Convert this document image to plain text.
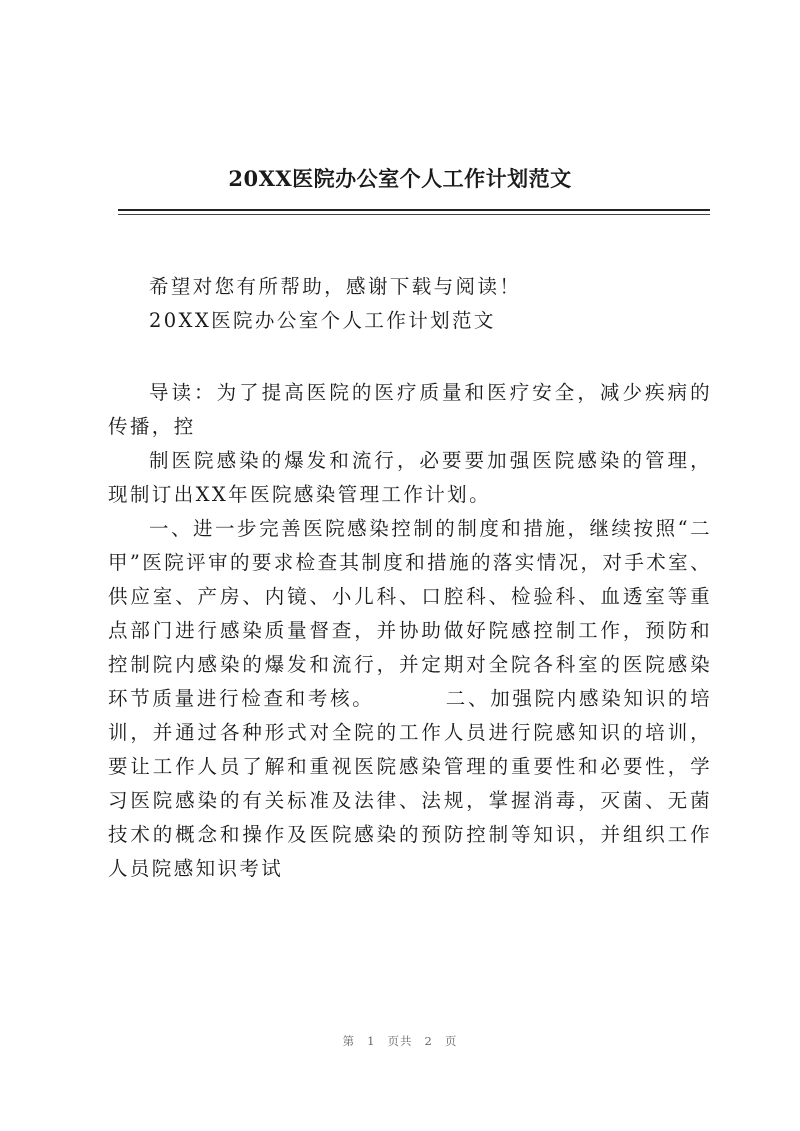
20XX医院办公室个人工作计划范文

希望对您有所帮助，感谢下载与阅读！

20XX医院办公室个人工作计划范文

导读：为了提高医院的医疗质量和医疗安全，减少疾病的传播，控

制医院感染的爆发和流行，必要要加强医院感染的管理，现制订出XX年医院感染管理工作计划。

一、进一步完善医院感染控制的制度和措施，继续按照“二甲”医院评审的要求检查其制度和措施的落实情况，对手术室、供应室、产房、内镜、小儿科、口腔科、检验科、血透室等重点部门进行感染质量督查，并协助做好院感控制工作，预防和控制院内感染的爆发和流行，并定期对全院各科室的医院感染环节质量进行检查和考核。        二、加强院内感染知识的培训，并通过各种形式对全院的工作人员进行院感知识的培训，要让工作人员了解和重视医院感染管理的重要性和必要性，学习医院感染的有关标准及法律、法规，掌握消毒，灭菌、无菌技术的概念和操作及医院感染的预防控制等知识，并组织工作人员院感知识考试

第 1 页共 2 页
